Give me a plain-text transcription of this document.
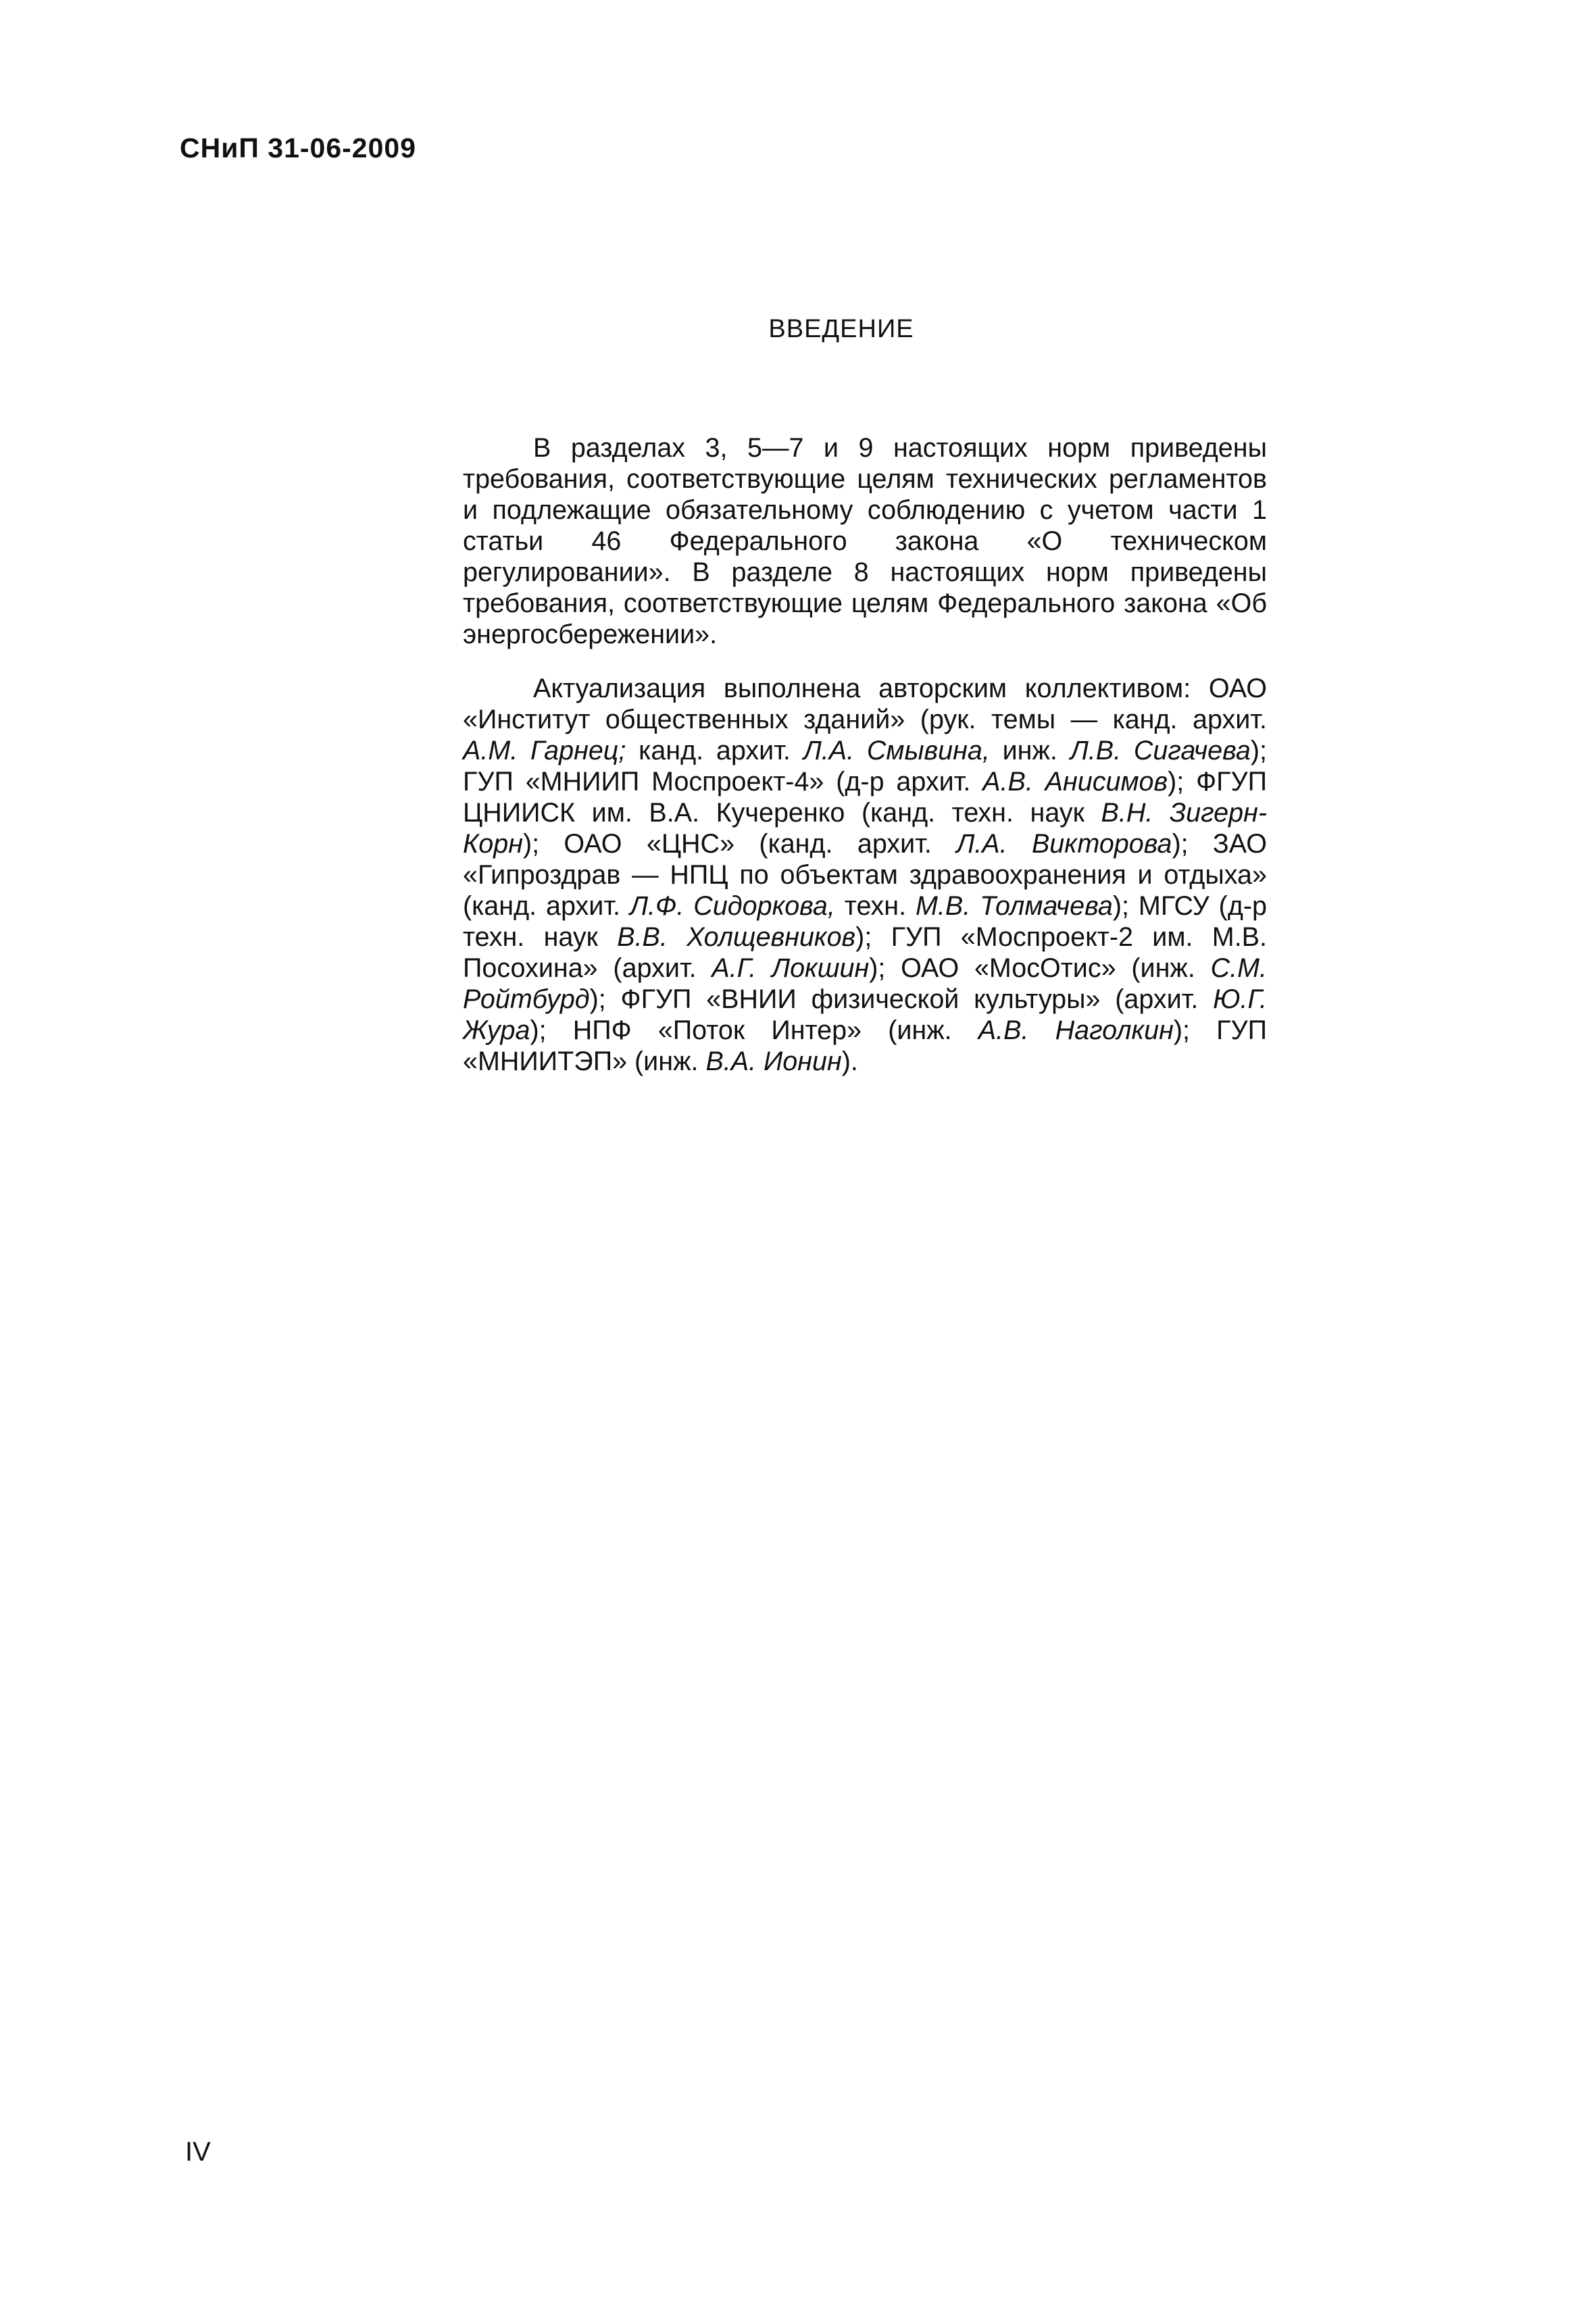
СНиП 31-06-2009
ВВЕДЕНИЕ

В разделах 3, 5—7 и 9 настоящих норм приведены требования, соответствующие целям технических регламентов и подлежащие обязательному соблюдению с учетом части 1 статьи 46 Федерального закона «О техническом регулировании». В разделе 8 настоящих норм приведены требования, соответствующие целям Федерального закона «Об энергосбережении».

Актуализация выполнена авторским коллективом: ОАО «Институт общественных зданий» (рук. темы — канд. архит. А.М. Гарнец; канд. архит. Л.А. Смывина, инж. Л.В. Сигачева); ГУП «МНИИП Моспроект-4» (д-р архит. А.В. Анисимов); ФГУП ЦНИИСК им. В.А. Кучеренко (канд. техн. наук В.Н. Зигерн-Корн); ОАО «ЦНС» (канд. архит. Л.А. Викторова); ЗАО «Гипроздрав — НПЦ по объектам здравоохранения и отдыха» (канд. архит. Л.Ф. Сидоркова, техн. М.В. Толмачева); МГСУ (д-р техн. наук В.В. Холщевников); ГУП «Моспроект-2 им. М.В. Посохина» (архит. А.Г. Локшин); ОАО «МосОтис» (инж. С.М. Ройтбурд); ФГУП «ВНИИ физической культуры» (архит. Ю.Г. Жура); НПФ «Поток Интер» (инж. А.В. Наголкин); ГУП «МНИИТЭП» (инж. В.А. Ионин).

IV
